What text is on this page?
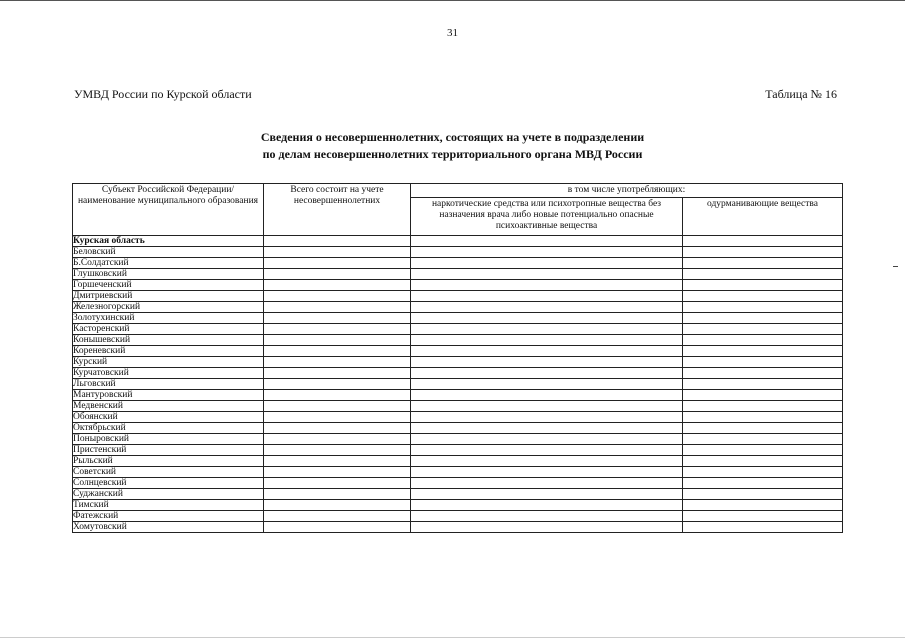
31
УМВД России по Курской области	Таблица № 16
Сведения о несовершеннолетних, состоящих на учете в подразделении
по делам несовершеннолетних территориального органа МВД России
Субъект Российской Федерации/ наименование муниципального образования	Всего состоит на учете несовершеннолетних	в том числе употребляющих:	
		наркотические средства или психотропные вещества без назначения врача либо новые потенциально опасные психоактивные вещества	одурманивающие вещества
Курская область			
Беловский			
Б.Солдатский			
Глушковский			
Горшеченский			
Дмитриевский			
Железногорский			
Золотухинский			
Касторенский			
Конышевский			
Кореневский			
Курский			
Курчатовский			
Льговский			
Мантуровский			
Медвенский			
Обоянский			
Октябрьский			
Поныровский			
Пристенский			
Рыльский			
Советский			
Солнцевский			
Суджанский			
Тимский			
Фатежский			
Хомутовский			
